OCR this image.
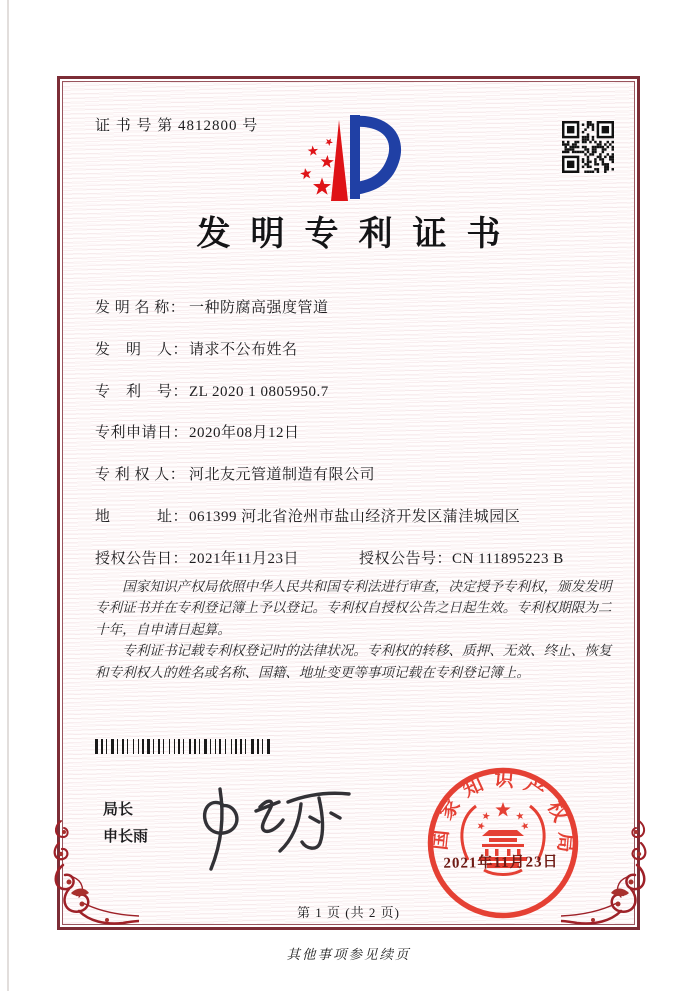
证 书 号 第 4812800 号
发明专利证书
发 明 名 称： 一种防腐高强度管道
发　明　人：请求不公布姓名
专　利　号：ZL 2020 1 0805950.7
专利申请日：2020年08月12日
专 利 权 人： 河北友元管道制造有限公司
地　　　址：061399 河北省沧州市盐山经济开发区蒲洼城园区
授权公告日：2021年11月23日	授权公告号：CN 111895223 B

国家知识产权局依照中华人民共和国专利法进行审查，决定授予专利权，颁发发明专利证书并在专利登记簿上予以登记。专利权自授权公告之日起生效。专利权期限为二十年，自申请日起算。

专利证书记载专利权登记时的法律状况。专利权的转移、质押、无效、终止、恢复和专利权人的姓名或名称、国籍、地址变更等事项记载在专利登记簿上。

局长
申长雨	国家知识产权局
2021年11月23日
第 1 页 (共 2 页)
其他事项参见续页
